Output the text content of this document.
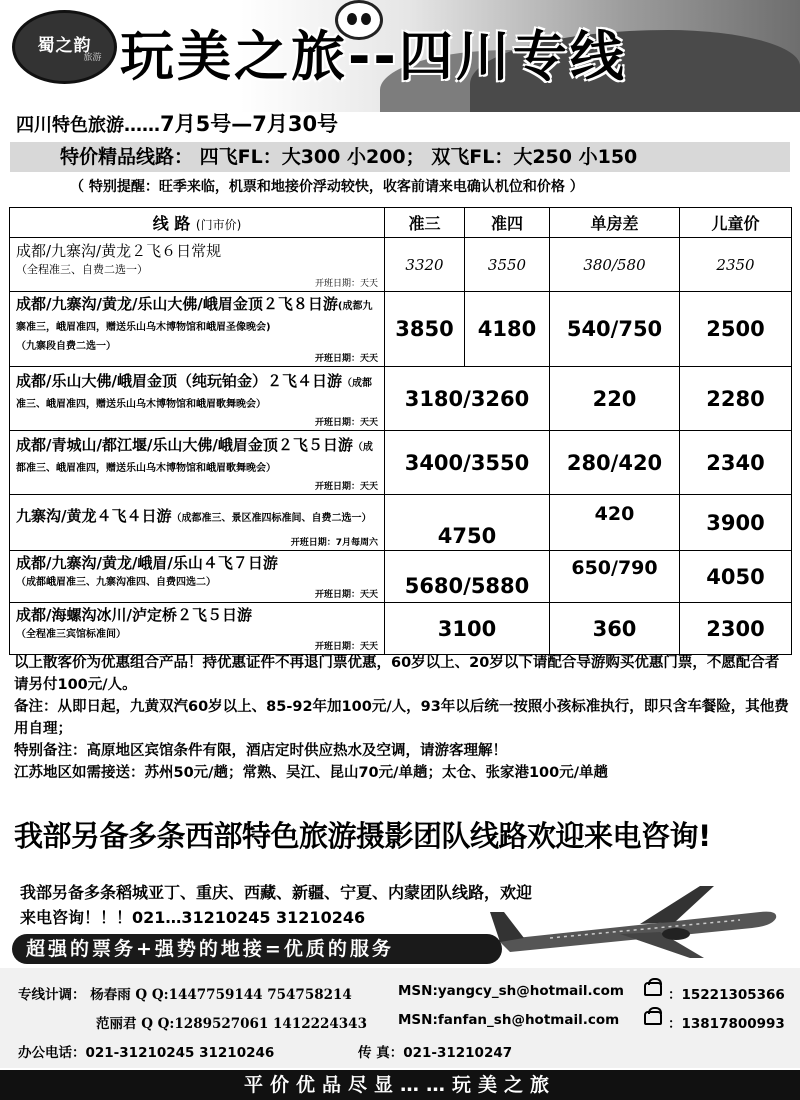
蜀之韵
旅游 玩美之旅--四川专线
四川特色旅游……7月5号—7月30号
特价精品线路： 四飞FL：大300 小200； 双飞FL：大250 小150
（ 特别提醒：旺季来临，机票和地接价浮动较快，收客前请来电确认机位和价格 ）
线 路 (门市价)	准三	准四	单房差	儿童价

成都/九寨沟/黄龙２飞６日常规
（全程准三、自费二选一）
开班日期：天天	3320	3550	380/580	2350

成都/九寨沟/黄龙/乐山大佛/峨眉金顶２飞８日游(成都九寨准三，峨眉准四，赠送乐山乌木博物馆和峨眉圣像晚会)
（九寨段自费二选一）
开班日期：天天	3850	4180	540/750	2500

成都/乐山大佛/峨眉金顶（纯玩铂金）２飞４日游（成都准三、峨眉准四，赠送乐山乌木博物馆和峨眉歌舞晚会）
开班日期：天天	3180/3260		220	2280

成都/青城山/都江堰/乐山大佛/峨眉金顶２飞５日游（成都准三、峨眉准四，赠送乐山乌木博物馆和峨眉歌舞晚会）
开班日期：天天	3400/3550		280/420	2340

九寨沟/黄龙４飞４日游（成都准三、景区准四标准间、自费二选一）
开班日期：7月每周六	4750		420	3900

成都/九寨沟/黄龙/峨眉/乐山４飞７日游
（成都峨眉准三、九寨沟准四、自费四选二）
开班日期：天天	5680/5880		650/790	4050

成都/海螺沟冰川/泸定桥２飞５日游
（全程准三宾馆标准间）
开班日期：天天	3100		360	2300

以上散客价为优惠组合产品！持优惠证件不再退门票优惠，60岁以上、20岁以下请配合导游购买优惠门票，不愿配合者请另付100元/人。

备注：从即日起，九黄双汽60岁以上、85-92年加100元/人，93年以后统一按照小孩标准执行，即只含车餐险，其他费用自理；

特别备注：高原地区宾馆条件有限，酒店定时供应热水及空调，请游客理解！

江苏地区如需接送：苏州50元/趟；常熟、吴江、昆山70元/单趟；太仓、张家港100元/单趟

我部另备多条西部特色旅游摄影团队线路欢迎来电咨询!
我部另备多条稻城亚丁、重庆、西藏、新疆、宁夏、内蒙团队线路，欢迎来电咨询！！！021…31210245 31210246
超强的票务+强势的地接=优质的服务
专线计调： 杨春雨 Q Q:1447759144 754758214	MSN:yangcy_sh@hotmail.com	：15221305366
范丽君 Q Q:1289527061 1412224343 MSN:fanfan_sh@hotmail.com	：13817800993
办公电话：021-31210245 31210246	传 真：021-31210247
平价优品尽显……玩美之旅
